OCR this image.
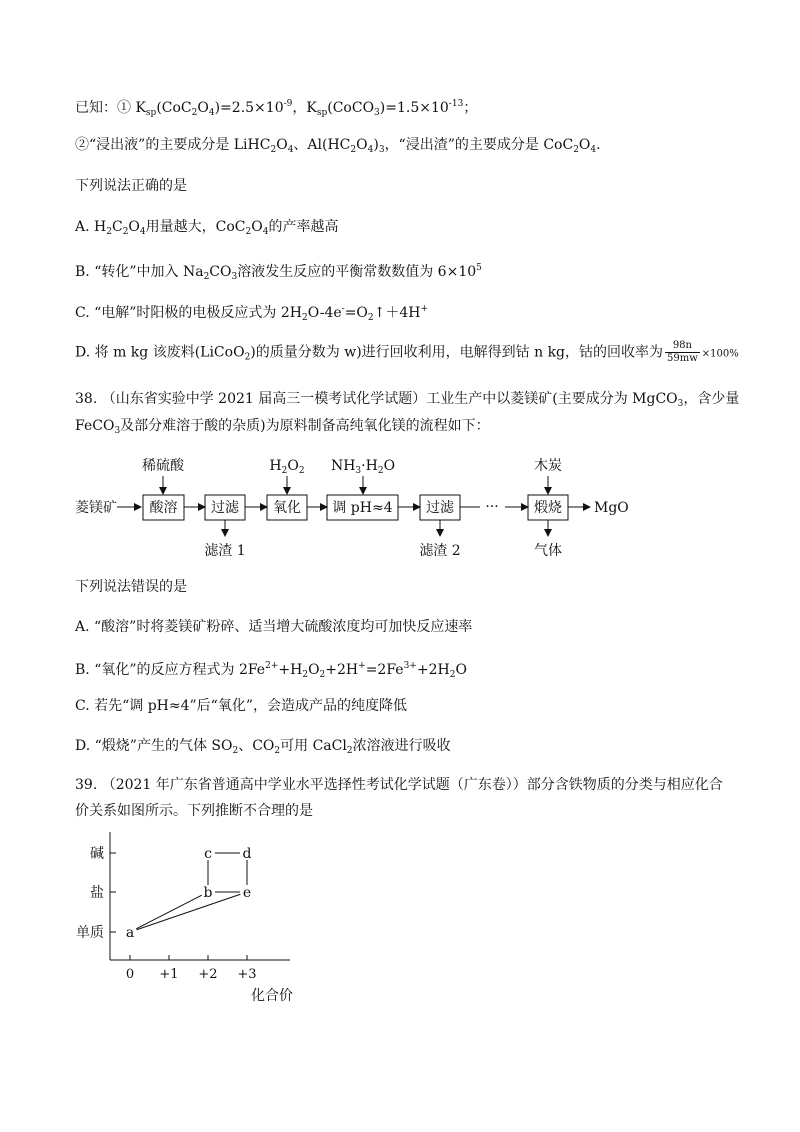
已知：① $K_{sp}(CoC_2O_4)=2.5\times 10^{-9}$，$K_{sp}(CoCO_3)=1.5\times 10^{-13}$；
②“浸出液”的主要成分是 $LiHC_2O_4$、$Al(HC_2O_4)_3$，“浸出渣”的主要成分是 $CoC_2O_4$.
下列说法正确的是
A. $H_2C_2O_4$用量越大，$CoC_2O_4$的产率越高
B. “转化”中加入 $Na_2CO_3$溶液发生反应的平衡常数数值为 $6\times 10^5$
C. “电解”时阳极的电极反应式为 $2H_2O-4e^-=O_2↑+4H^+$
D. 将 m kg 该废料(LiCoO$_2$)的质量分数为 w)进行回收利用，电解得到钴 n kg，钴的回收率为 $\frac{98n}{59mw} \times 100\%$
38. （山东省实验中学 2021 届高三一模考试化学试题）工业生产中以菱镁矿(主要成分为 MgCO$_3$，含少量
FeCO$_3$及部分难溶于酸的杂质)为原料制备高纯氧化镁的流程如下：
酸溶 过滤 氧化 调 pH≈4 过滤	煅烧
菱镁矿	···	MgO
稀硫酸	$H_2O_2$ $NH_3\cdot H_2O$	木炭
滤渣 1	滤渣 2	气体
下列说法错误的是
A. “酸溶”时将菱镁矿粉碎、适当增大硫酸浓度均可加快反应速率
B. “氧化”的反应方程式为 $2Fe^{2+}+H_2O_2+2H^+=2Fe^{3+}+2H_2O$
C. 若先“调 pH≈4”后“氧化”，会造成产品的纯度降低
D. “煅烧”产生的气体 $SO_2$、$CO_2$可用 CaCl$_2$浓溶液进行吸收
39. （2021 年广东省普通高中学业水平选择性考试化学试题（广东卷））部分含铁物质的分类与相应化合
价关系如图所示。下列推断不合理的是
单质
盐
碱
0 +1 +2 +3
化合价
a
b e
c d
